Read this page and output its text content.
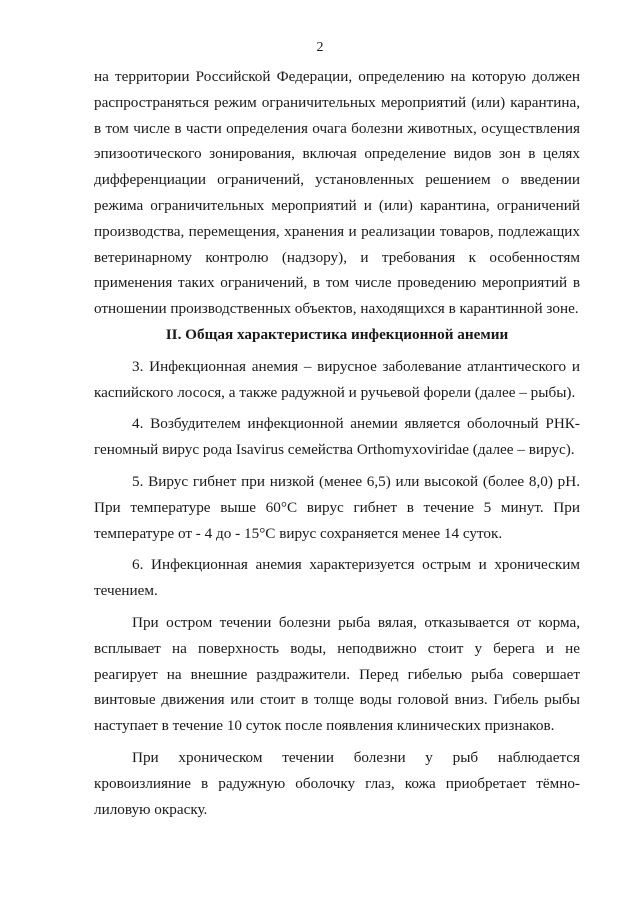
2

на территории Российской Федерации, определению на которую должен распространяться режим ограничительных мероприятий (или) карантина, в том числе в части определения очага болезни животных, осуществления эпизоотического зонирования, включая определение видов зон в целях дифференциации ограничений, установленных решением о введении режима ограничительных мероприятий и (или) карантина, ограничений производства, перемещения, хранения и реализации товаров, подлежащих ветеринарному контролю (надзору), и требования к особенностям применения таких ограничений, в том числе проведению мероприятий в отношении производственных объектов, находящихся в карантинной зоне.

II. Общая характеристика инфекционной анемии

3. Инфекционная анемия – вирусное заболевание атлантического и каспийского лосося, а также радужной и ручьевой форели (далее – рыбы).

4. Возбудителем инфекционной анемии является оболочный РНК-геномный вирус рода Isavirus семейства Orthomyxoviridae (далее – вирус).

5. Вирус гибнет при низкой (менее 6,5) или высокой (более 8,0) pH. При температуре выше 60°С вирус гибнет в течение 5 минут. При температуре от - 4 до - 15°С вирус сохраняется менее 14 суток.

6. Инфекционная анемия характеризуется острым и хроническим течением.

При остром течении болезни рыба вялая, отказывается от корма, всплывает на поверхность воды, неподвижно стоит у берега и не реагирует на внешние раздражители. Перед гибелью рыба совершает винтовые движения или стоит в толще воды головой вниз. Гибель рыбы наступает в течение 10 суток после появления клинических признаков.

При хроническом течении болезни у рыб наблюдается кровоизлияние в радужную оболочку глаз, кожа приобретает тёмно-лиловую окраску.
